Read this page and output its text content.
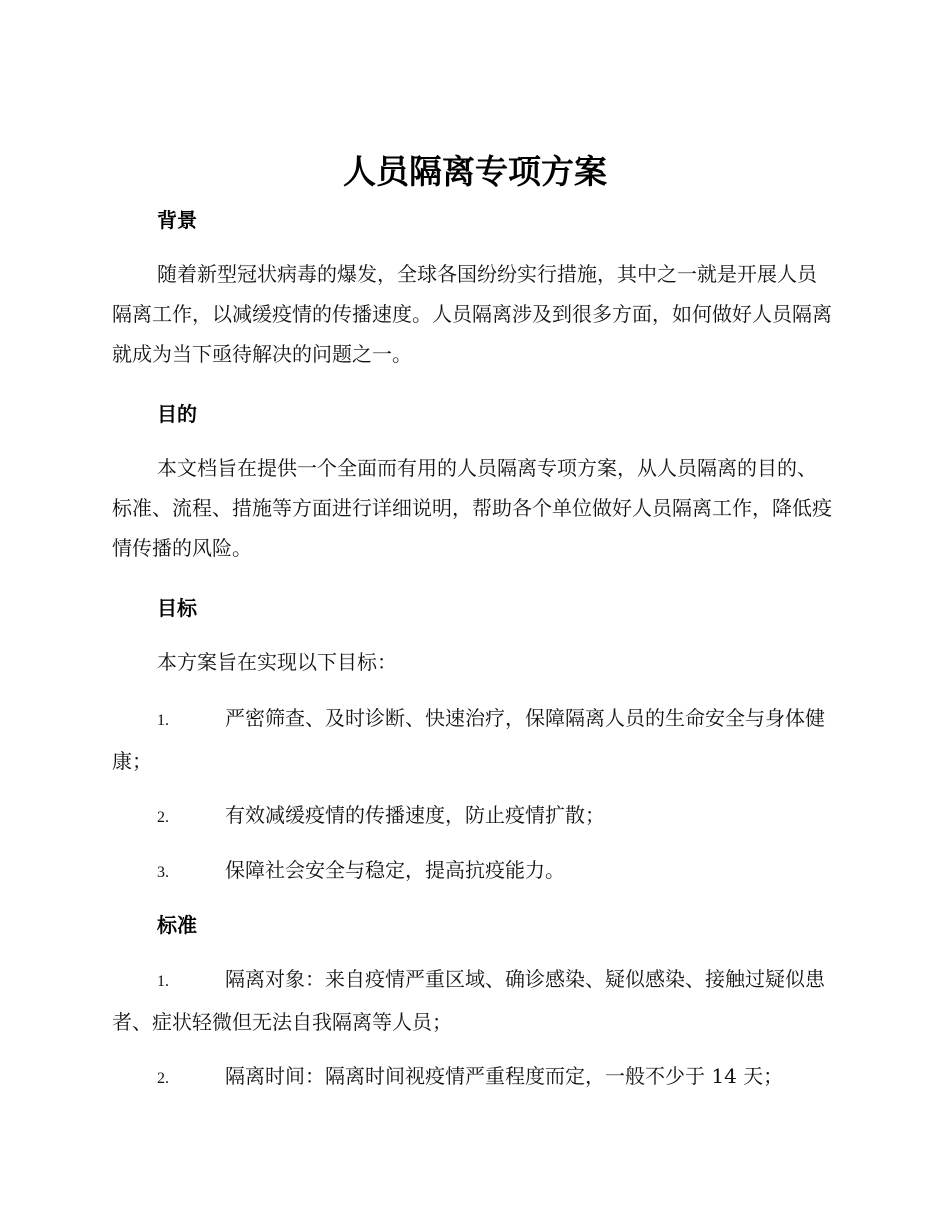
人员隔离专项方案
背景

随着新型冠状病毒的爆发，全球各国纷纷实行措施，其中之一就是开展人员隔离工作，以减缓疫情的传播速度。人员隔离涉及到很多方面，如何做好人员隔离就成为当下亟待解决的问题之一。

目的

本文档旨在提供一个全面而有用的人员隔离专项方案，从人员隔离的目的、标准、流程、措施等方面进行详细说明，帮助各个单位做好人员隔离工作，降低疫情传播的风险。

目标

本方案旨在实现以下目标：

1.	严密筛查、及时诊断、快速治疗，保障隔离人员的生命安全与身体健康；

2.	有效减缓疫情的传播速度，防止疫情扩散；

3.	保障社会安全与稳定，提高抗疫能力。

标准

1.	隔离对象：来自疫情严重区域、确诊感染、疑似感染、接触过疑似患者、症状轻微但无法自我隔离等人员；

2.	隔离时间：隔离时间视疫情严重程度而定，一般不少于 14 天；
